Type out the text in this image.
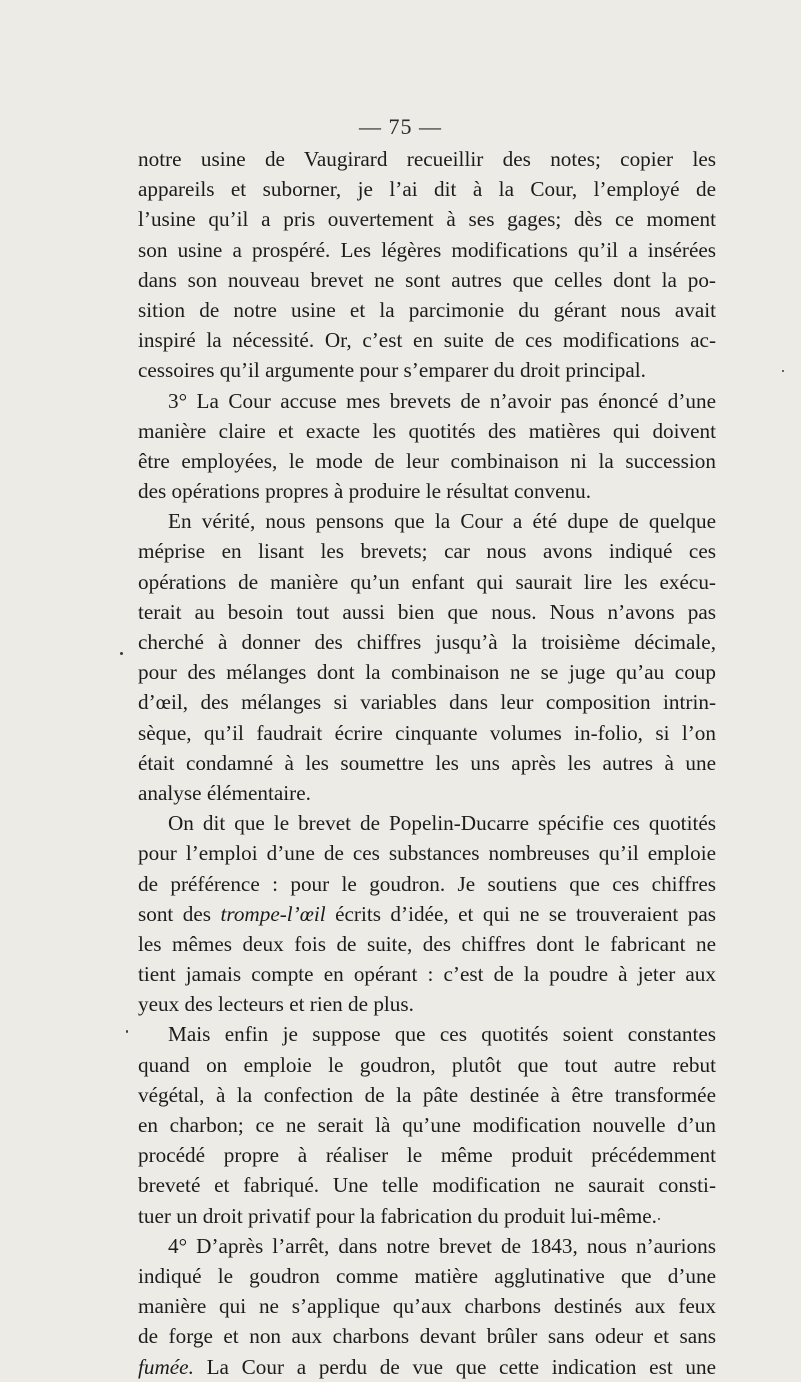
— 75 —
notre usine de Vaugirard recueillir des notes; copier les
appareils et suborner, je l’ai dit à la Cour, l’employé de
l’usine qu’il a pris ouvertement à ses gages; dès ce moment
son usine a prospéré. Les légères modifications qu’il a insérées
dans son nouveau brevet ne sont autres que celles dont la po-
sition de notre usine et la parcimonie du gérant nous avait
inspiré la nécessité. Or, c’est en suite de ces modifications ac-
cessoires qu’il argumente pour s’emparer du droit principal.
3° La Cour accuse mes brevets de n’avoir pas énoncé d’une
manière claire et exacte les quotités des matières qui doivent
être employées, le mode de leur combinaison ni la succession
des opérations propres à produire le résultat convenu.
En vérité, nous pensons que la Cour a été dupe de quelque
méprise en lisant les brevets; car nous avons indiqué ces
opérations de manière qu’un enfant qui saurait lire les exécu-
terait au besoin tout aussi bien que nous. Nous n’avons pas
cherché à donner des chiffres jusqu’à la troisième décimale,
pour des mélanges dont la combinaison ne se juge qu’au coup
d’œil, des mélanges si variables dans leur composition intrin-
sèque, qu’il faudrait écrire cinquante volumes in-folio, si l’on
était condamné à les soumettre les uns après les autres à une
analyse élémentaire.
On dit que le brevet de Popelin-Ducarre spécifie ces quotités
pour l’emploi d’une de ces substances nombreuses qu’il emploie
de préférence : pour le goudron. Je soutiens que ces chiffres
sont des trompe-l’œil écrits d’idée, et qui ne se trouveraient pas
les mêmes deux fois de suite, des chiffres dont le fabricant ne
tient jamais compte en opérant : c’est de la poudre à jeter aux
yeux des lecteurs et rien de plus.
Mais enfin je suppose que ces quotités soient constantes
quand on emploie le goudron, plutôt que tout autre rebut
végétal, à la confection de la pâte destinée à être transformée
en charbon; ce ne serait là qu’une modification nouvelle d’un
procédé propre à réaliser le même produit précédemment
breveté et fabriqué. Une telle modification ne saurait consti-
tuer un droit privatif pour la fabrication du produit lui-même.
4° D’après l’arrêt, dans notre brevet de 1843, nous n’aurions
indiqué le goudron comme matière agglutinative que d’une
manière qui ne s’applique qu’aux charbons destinés aux feux
de forge et non aux charbons devant brûler sans odeur et sans
fumée. La Cour a perdu de vue que cette indication est une
